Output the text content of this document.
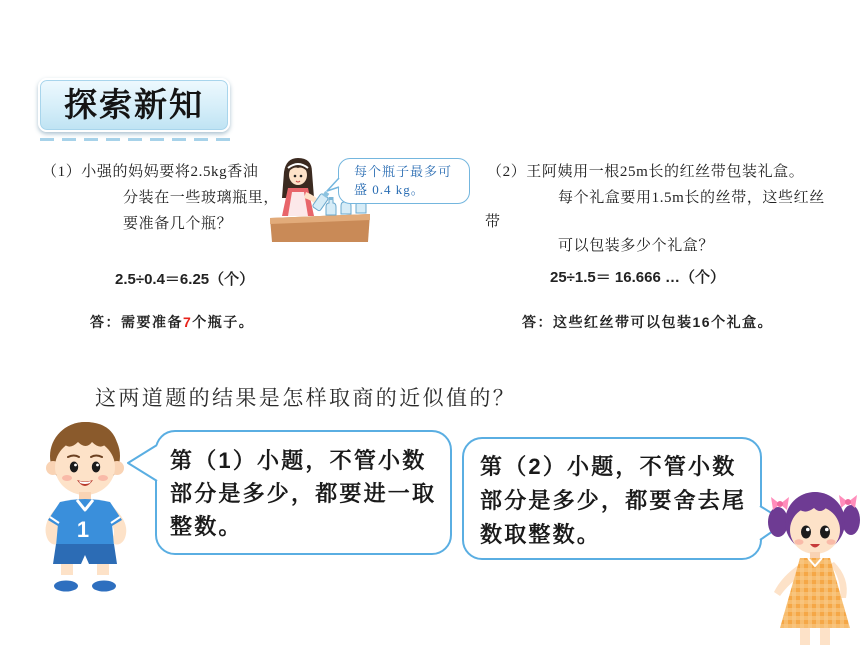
探索新知
（1）小强的妈妈要将2.5kg香油
分装在一些玻璃瓶里，
要准备几个瓶？
每个瓶子最多可
盛 0.4 kg。
2.5÷0.4＝6.25（个）
答：需要准备7个瓶子。
（2）王阿姨用一根25m长的红丝带包装礼盒。
每个礼盒要用1.5m长的丝带，这些红丝
带
可以包装多少个礼盒？
25÷1.5＝ 16.666 …（个）
答：这些红丝带可以包装16个礼盒。
这两道题的结果是怎样取商的近似值的？
1
第（1）小题，不管小数
部分是多少，都要进一取
整数。
第（2）小题，不管小数
部分是多少，都要舍去尾
数取整数。
